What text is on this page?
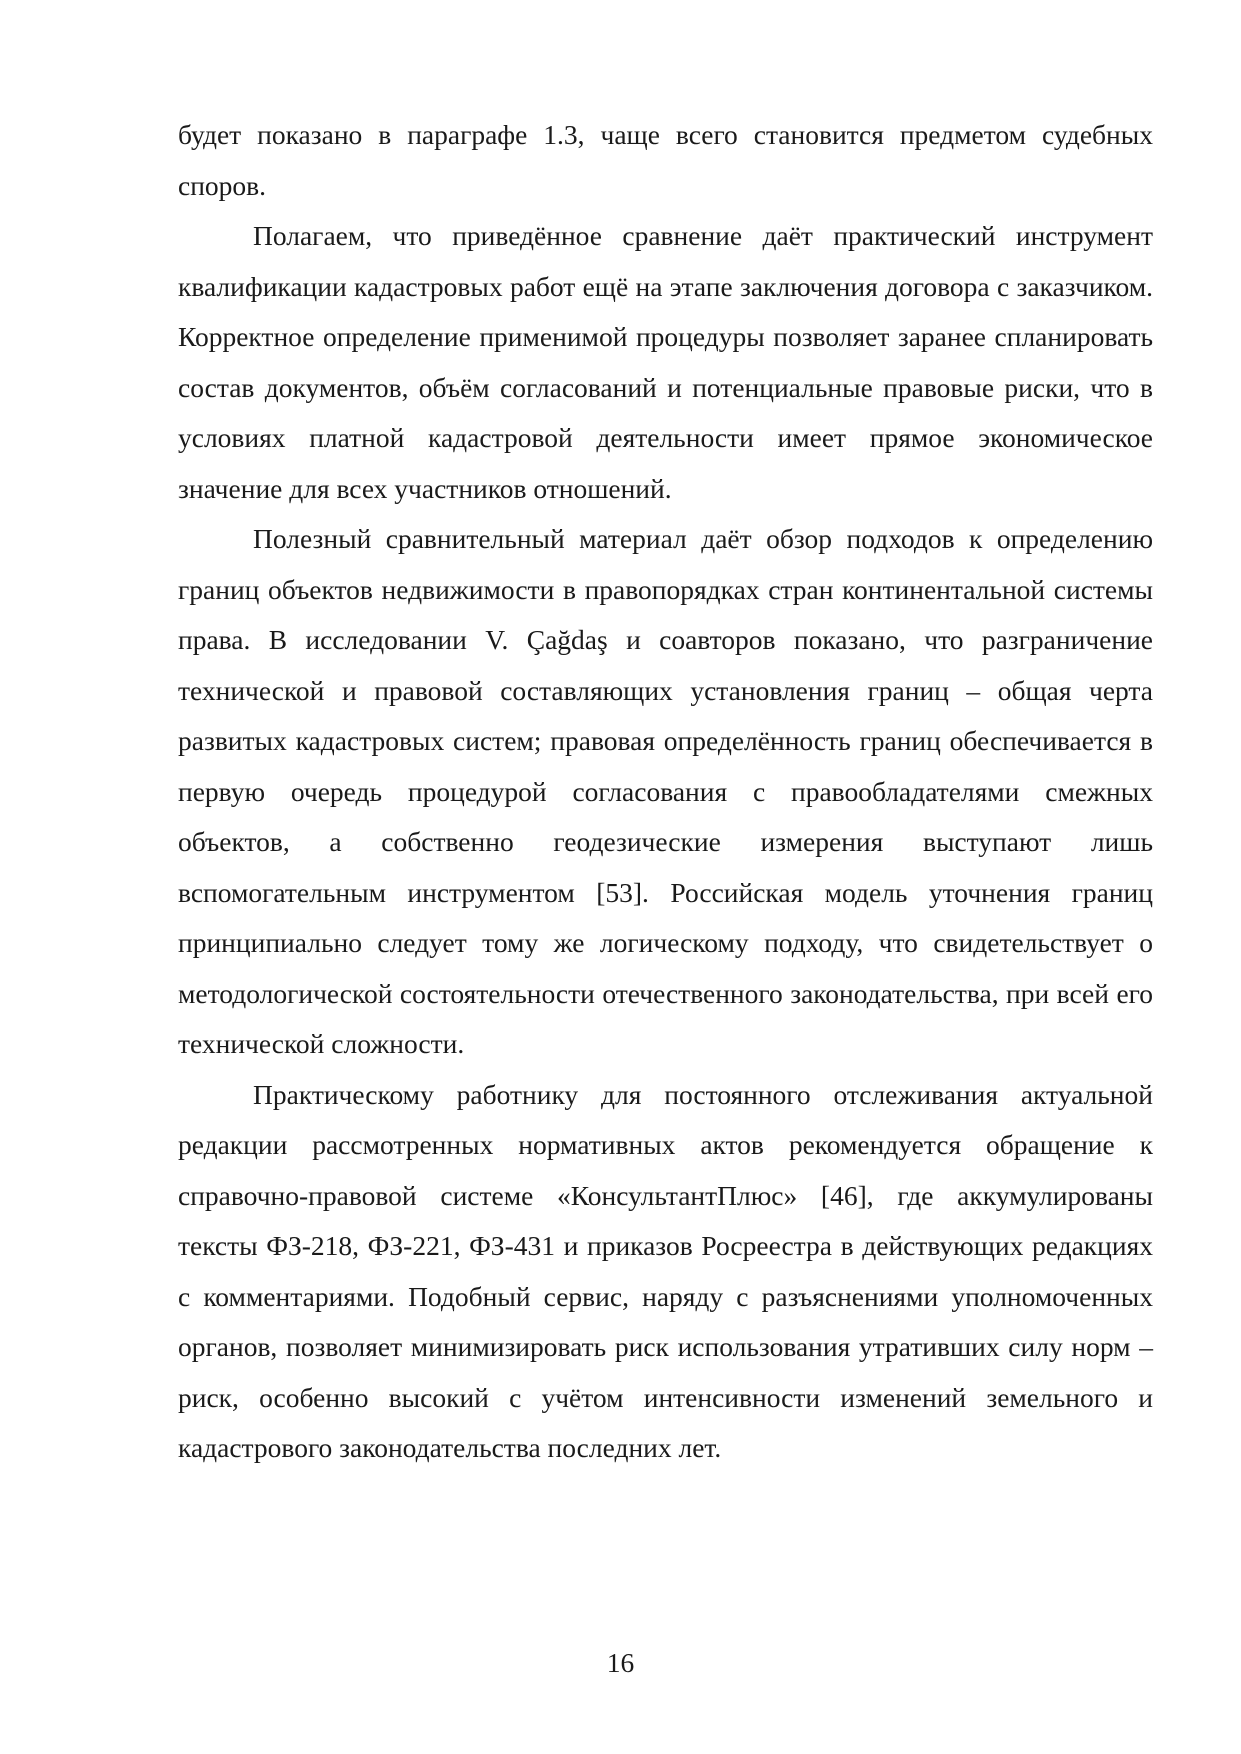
будет показано в параграфе 1.3, чаще всего становится предметом судебных споров.

Полагаем, что приведённое сравнение даёт практический инструмент квалификации кадастровых работ ещё на этапе заключения договора с заказчиком. Корректное определение применимой процедуры позволяет заранее спланировать состав документов, объём согласований и потенциальные правовые риски, что в условиях платной кадастровой деятельности имеет прямое экономическое значение для всех участников отношений.

Полезный сравнительный материал даёт обзор подходов к определению границ объектов недвижимости в правопорядках стран континентальной системы права. В исследовании V. Çağdaş и соавторов показано, что разграничение технической и правовой составляющих установления границ – общая черта развитых кадастровых систем; правовая определённость границ обеспечивается в первую очередь процедурой согласования с правообладателями смежных объектов, а собственно геодезические измерения выступают лишь вспомогательным инструментом [53]. Российская модель уточнения границ принципиально следует тому же логическому подходу, что свидетельствует о методологической состоятельности отечественного законодательства, при всей его технической сложности.

Практическому работнику для постоянного отслеживания актуальной редакции рассмотренных нормативных актов рекомендуется обращение к справочно-правовой системе «КонсультантПлюс» [46], где аккумулированы тексты ФЗ-218, ФЗ-221, ФЗ-431 и приказов Росреестра в действующих редакциях с комментариями. Подобный сервис, наряду с разъяснениями уполномоченных органов, позволяет минимизировать риск использования утративших силу норм – риск, особенно высокий с учётом интенсивности изменений земельного и кадастрового законодательства последних лет.

16
